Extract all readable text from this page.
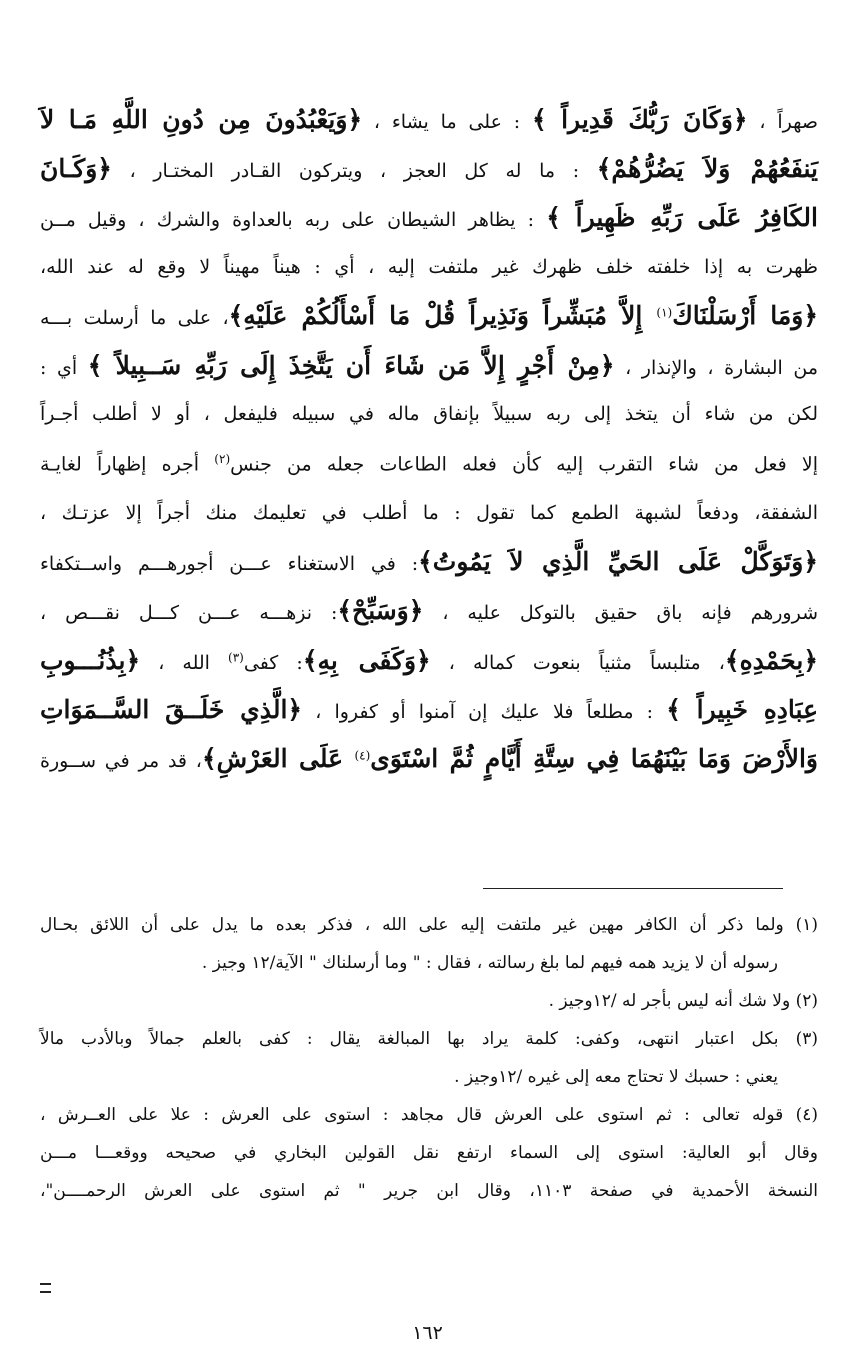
صهراً ، ﴿وَكَانَ رَبُّكَ قَدِيراً ﴾ : على ما يشاء ، ﴿وَيَعْبُدُونَ مِن دُونِ اللَّهِ مَـا لاَ
يَنفَعُهُمْ وَلاَ يَضُرُّهُمْ﴾ : ما له كل العجز ، ويتركون القـادر المختـار ، ﴿وَكَـانَ
الكَافِرُ عَلَى رَبِّهِ ظَهِيراً ﴾ : يظاهر الشيطان على ربه بالعداوة والشرك ، وقيل مــن
ظهرت به إذا خلفته خلف ظهرك غير ملتفت إليه ، أي : هيناً مهيناً لا وقع له عند الله،
﴿وَمَا أَرْسَلْنَاكَ$^{(١)}$ إِلاَّ مُبَشِّراً وَنَذِيراً قُلْ مَا أَسْأَلُكُمْ عَلَيْهِ﴾، على ما أرسلت بـــه
من البشارة ، والإنذار ، ﴿مِنْ أَجْرٍ إِلاَّ مَن شَاءَ أَن يَتَّخِذَ إِلَى رَبِّهِ سَــبِيلاً ﴾ أي :
لكن من شاء أن يتخذ إلى ربه سبيلاً بإنفاق ماله في سبيله فليفعل ، أو لا أطلب أجـراً
إلا فعل من شاء التقرب إليه كأن فعله الطاعات جعله من جنس$^{(٢)}$ أجره إظهاراً لغايـة
الشفقة، ودفعاً لشبهة الطمع كما تقول : ما أطلب في تعليمك منك أجراً إلا عزتـك ،
﴿وَتَوَكَّلْ عَلَى الحَيِّ الَّذِي لاَ يَمُوتُ﴾: في الاستغناء عـــن أجورهـــم واســتكفاء
شرورهم فإنه باق حقيق بالتوكل عليه ، ﴿وَسَبِّحْ﴾: نزهـــه عـــن كـــل نقـــص ،
﴿بِحَمْدِهِ﴾، متلبساً مثنياً بنعوت كماله ، ﴿وَكَفَى بِهِ﴾: كفى$^{(٣)}$ الله ، ﴿بِذُنُـــوبِ
عِبَادِهِ خَبِيراً ﴾ : مطلعاً فلا عليك إن آمنوا أو كفروا ، ﴿الَّذِي خَلَــقَ السَّــمَوَاتِ
وَالأَرْضَ وَمَا بَيْنَهُمَا فِي سِتَّةِ أَيَّامٍ ثُمَّ اسْتَوَى$^{(٤)}$ عَلَى العَرْشِ﴾، قد مر في ســورة
(١) ولما ذكر أن الكافر مهين غير ملتفت إليه على الله ، فذكر بعده ما يدل على أن اللائق بحـال
رسوله أن لا يزيد همه فيهم لما بلغ رسالته ، فقال : " وما أرسلناك " الآية/١٢ وجيز .
(٢) ولا شك أنه ليس بأجر له /١٢وجيز .
(٣) بكل اعتبار انتهى، وكفى: كلمة يراد بها المبالغة يقال : كفى بالعلم جمالاً وبالأدب مالاً
يعني : حسبك لا تحتاج معه إلى غيره /١٢وجيز .
(٤) قوله تعالى : ثم استوى على العرش قال مجاهد : استوى على العرش : علا على العــرش ،
وقال أبو العالية: استوى إلى السماء ارتفع نقل القولين البخاري في صحيحه ووقعـــا مـــن
النسخة الأحمدية في صفحة ١١٠٣، وقال ابن جرير " ثم استوى على العرش الرحمــــن"،
١٦٢
